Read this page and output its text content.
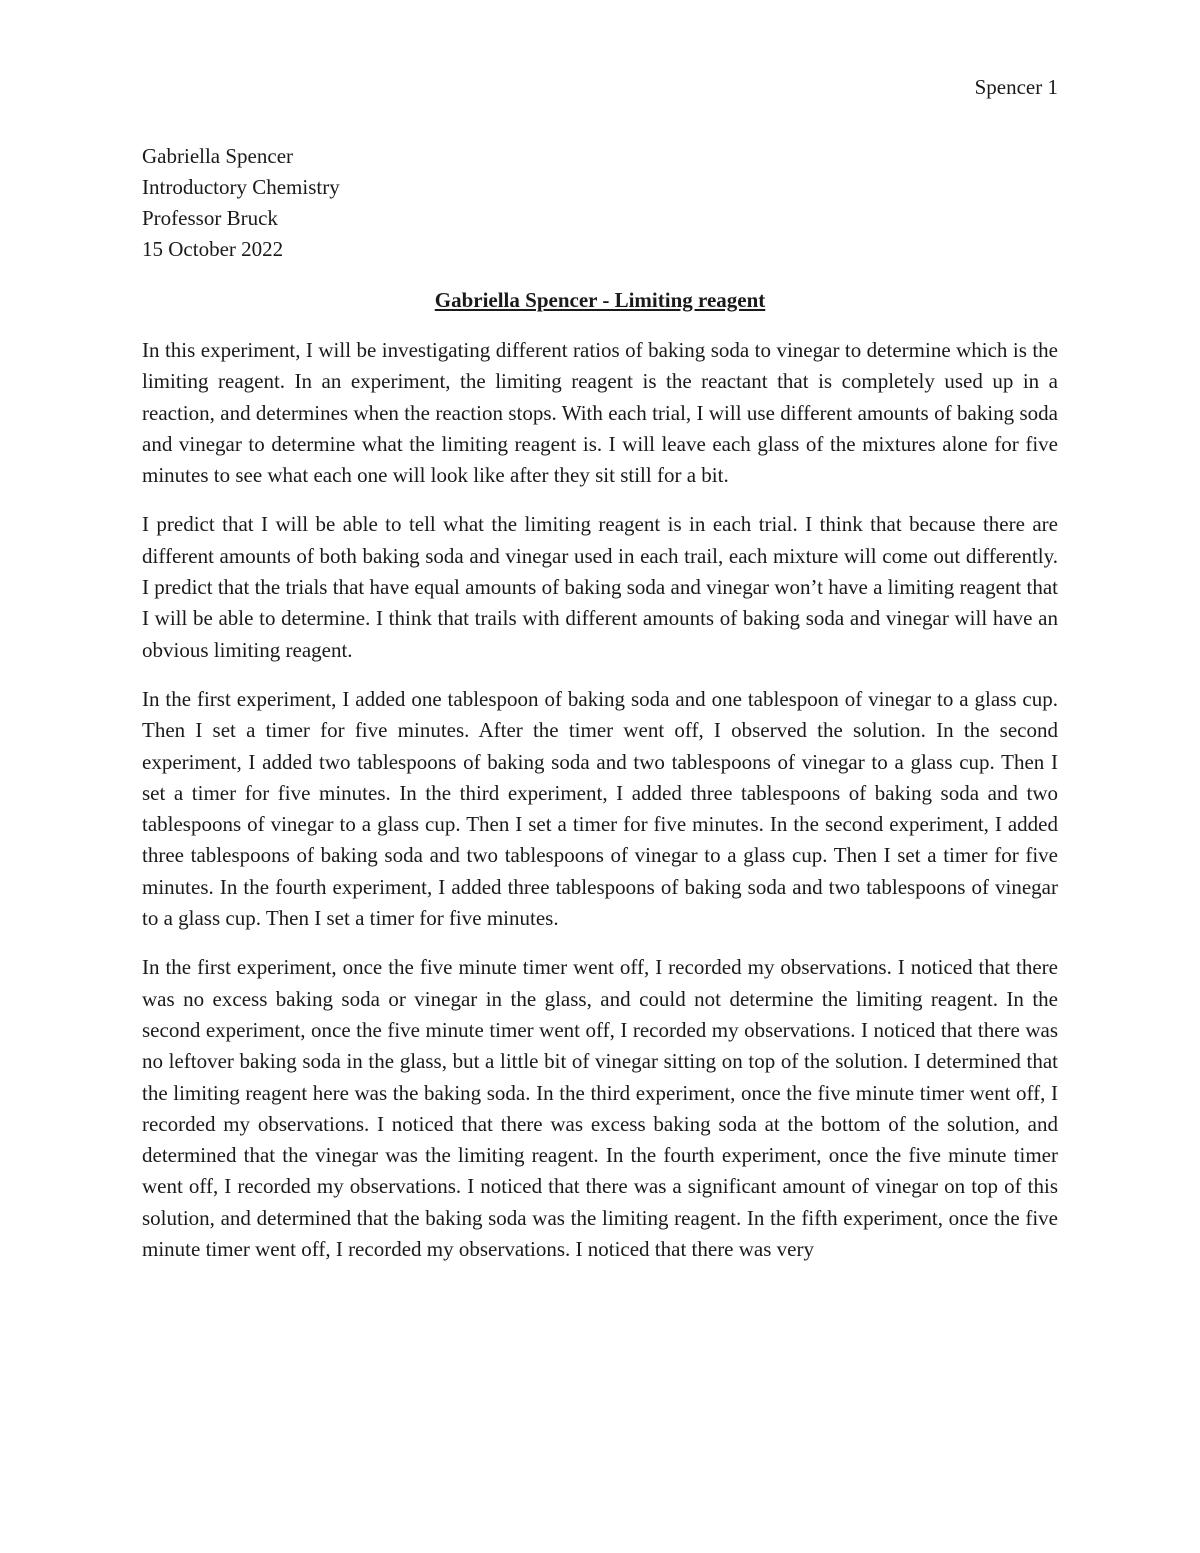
Spencer 1
Gabriella Spencer
Introductory Chemistry
Professor Bruck
15 October 2022
Gabriella Spencer - Limiting reagent

In this experiment, I will be investigating different ratios of baking soda to vinegar to determine which is the limiting reagent. In an experiment, the limiting reagent is the reactant that is completely used up in a reaction, and determines when the reaction stops. With each trial, I will use different amounts of baking soda and vinegar to determine what the limiting reagent is. I will leave each glass of the mixtures alone for five minutes to see what each one will look like after they sit still for a bit.

I predict that I will be able to tell what the limiting reagent is in each trial. I think that because there are different amounts of both baking soda and vinegar used in each trail, each mixture will come out differently. I predict that the trials that have equal amounts of baking soda and vinegar won’t have a limiting reagent that I will be able to determine. I think that trails with different amounts of baking soda and vinegar will have an obvious limiting reagent.

In the first experiment, I added one tablespoon of baking soda and one tablespoon of vinegar to a glass cup. Then I set a timer for five minutes. After the timer went off, I observed the solution. In the second experiment, I added two tablespoons of baking soda and two tablespoons of vinegar to a glass cup. Then I set a timer for five minutes. In the third experiment, I added three tablespoons of baking soda and two tablespoons of vinegar to a glass cup. Then I set a timer for five minutes. In the second experiment, I added three tablespoons of baking soda and two tablespoons of vinegar to a glass cup. Then I set a timer for five minutes. In the fourth experiment, I added three tablespoons of baking soda and two tablespoons of vinegar to a glass cup. Then I set a timer for five minutes.

In the first experiment, once the five minute timer went off, I recorded my observations. I noticed that there was no excess baking soda or vinegar in the glass, and could not determine the limiting reagent. In the second experiment, once the five minute timer went off, I recorded my observations. I noticed that there was no leftover baking soda in the glass, but a little bit of vinegar sitting on top of the solution. I determined that the limiting reagent here was the baking soda. In the third experiment, once the five minute timer went off, I recorded my observations. I noticed that there was excess baking soda at the bottom of the solution, and determined that the vinegar was the limiting reagent. In the fourth experiment, once the five minute timer went off, I recorded my observations. I noticed that there was a significant amount of vinegar on top of this solution, and determined that the baking soda was the limiting reagent. In the fifth experiment, once the five minute timer went off, I recorded my observations. I noticed that there was very
